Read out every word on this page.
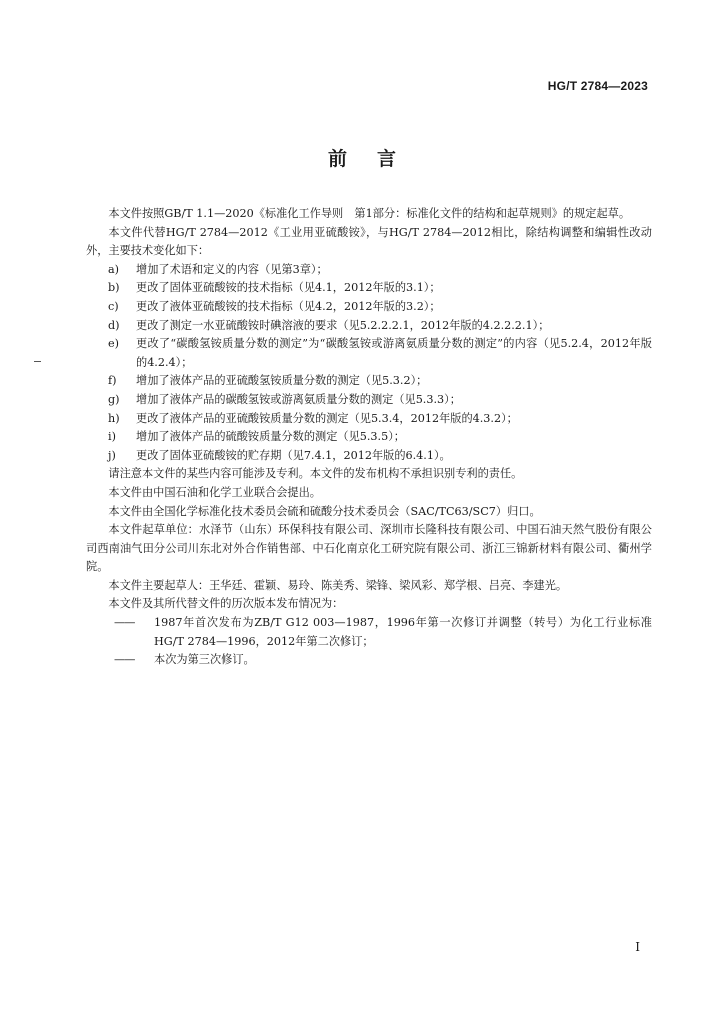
HG/T 2784—2023
前言

本文件按照GB/T 1.1—2020《标准化工作导则　第1部分：标准化文件的结构和起草规则》的规定起草。

本文件代替HG/T 2784—2012《工业用亚硫酸铵》，与HG/T 2784—2012相比，除结构调整和编辑性改动外，主要技术变化如下：

a)	增加了术语和定义的内容（见第3章）；
b)	更改了固体亚硫酸铵的技术指标（见4.1，2012年版的3.1）；
c)	更改了液体亚硫酸铵的技术指标（见4.2，2012年版的3.2）；
d)	更改了测定一水亚硫酸铵时碘溶液的要求（见5.2.2.2.1，2012年版的4.2.2.2.1）；
e)	更改了“碳酸氢铵质量分数的测定”为“碳酸氢铵或游离氨质量分数的测定”的内容（见5.2.4，2012年版的4.2.4）；
f)	增加了液体产品的亚硫酸氢铵质量分数的测定（见5.3.2）；
g)	增加了液体产品的碳酸氢铵或游离氨质量分数的测定（见5.3.3）；
h)	更改了液体产品的亚硫酸铵质量分数的测定（见5.3.4，2012年版的4.3.2）；
i)	增加了液体产品的硫酸铵质量分数的测定（见5.3.5）；
j)	更改了固体亚硫酸铵的贮存期（见7.4.1，2012年版的6.4.1）。

请注意本文件的某些内容可能涉及专利。本文件的发布机构不承担识别专利的责任。

本文件由中国石油和化学工业联合会提出。

本文件由全国化学标准化技术委员会硫和硫酸分技术委员会（SAC/TC63/SC7）归口。

本文件起草单位：水泽节（山东）环保科技有限公司、深圳市长隆科技有限公司、中国石油天然气股份有限公司西南油气田分公司川东北对外合作销售部、中石化南京化工研究院有限公司、浙江三锦新材料有限公司、衢州学院。

本文件主要起草人：王华廷、霍颖、易玲、陈美秀、梁锋、梁风彩、郑学根、吕亮、李建光。

本文件及其所代替文件的历次版本发布情况为：

——	1987年首次发布为ZB/T G12 003—1987，1996年第一次修订并调整（转号）为化工行业标准HG/T 2784—1996，2012年第二次修订；
——	本次为第三次修订。
I
